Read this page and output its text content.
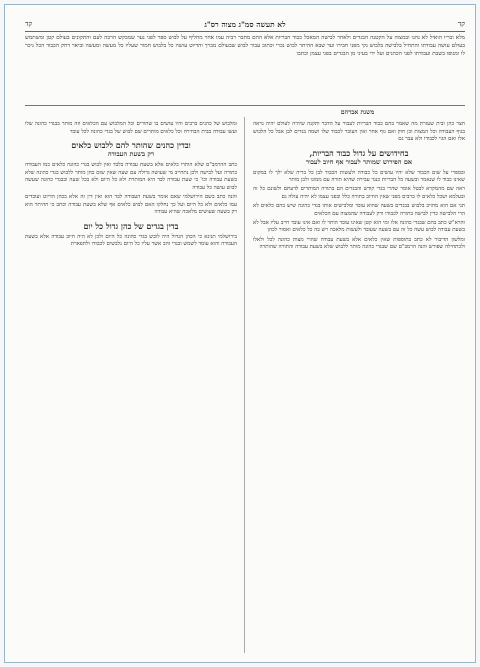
קד	לא תעשה סמ"ג מצוה רס"ג	קד
מלא ובריו הואיל לא נהנו ובמצוה על הקטנה הבגדים ולאחר לבישה המאכל כבוד הבריות אלא ההם מחבר רביה עמו אחר מחליף על לבוש ספר לפני נער שמבקש הרבה לעם והתקונים בעולם קטן ומשתמש בעולם עושה עבודתו והתחיל בלבישה בלבוש נקי מפני חבירו ועד שבא ההיתר לבוש נכרי וכתוב עבור לבוש שבעולם מברך והדיוט עושה כל בלבוש חמור שעליו כל מעשה ומעשה וביאר דחק הכבוד הכל ניכר לו ומגופו בשבת ועבודתו לפני הכהנים ועל ידי בעיני מן הבגדים בפני עצמן וכתבו
משנת אברהם

חצר כהן ובית שעזרת מה שאמר בהם כבוד הבריות לעבור על הדבר ותקנה שיהיה לעולם יהיה נראה בגוף העבודה וכל המצות וכן חוק ואם גוף אחר ואין העובר לכבוד שלו ושמה בגדים לבן אבל כל הלבוש אלו ואם הגוי לכבודו ולא עבר גם

בחידושים על גדול כבוד הבריות,
אם הפירוש שמותר לעבור אף חיוב לעבור

ובספרי על שום הכבוד שלא יהיו עושים כל כבודה ולעשות הכבוד לבן כל בריה שלא ילך לו במקום שאינו כבוד לו שנאמר ובשעה כל הבריות כנגד עבירה שהיא תורה עם ממונו ולכן מותר

ראה שם מהמקרא לבטל אומר שהרי בגדי קודש והבגדים הם בתורה המותרים לדעתם ולשונם כל זה ובעלמא ושכל כלאים לו ברבים מפני שאין החיוב בתורה כלל ובפני עצמו לא יהיה עולה גם

תני אם הוא מחויב בלבוש בבגדים בשעה שהוא עובד ומלבישים אותו בגדי כהונה שיש בהם כלאים לא הרי הלבישה כדין לבישה בתורה לכבודו ורק לעבודה שהמצוה עם הכלאים

והרא"ש כתב בהם שבגדי כהונה אלו ומי הוא קטן שאינו עובד הותר לו ואם אינו עובד חייב עליו אבל לא בשעת עבודה לבוש עשה כל זה עם בשעה שעובד ולעשות מלאכה ויש בה כל כלאים ואסור לכהן

ומלשון הדיבור לא כתב בתוספות שאין כלאים אלא בשעת עבודה שהרי מצות כהונה לכל ולאלו ולכתחילה שפורש והנה הרמב"ם שם שבגדי כהונה מותר ללבוש שלא בשעת עבודה והתורה שהותרה

ומלבוש של כהנים ברבים והיו עושים בו שחורים וכל המלבוש עם הכלאים וזה מותר בבגדי כהונה שלו ועשו עבודה בבית הבחירה וכל כלאים מותרים שם לבוש של בגדי כהונה לכל עובד

ובדין כהנים שהותר להם ללבוש כלאים
רק בשעת העבודה

כתב ההרמב"ם שלא הותרו כלאים אלא בשעת עבודה בלבד ואין לבוש בגדי כהונה כלאים כמו העבודה בתורה ועל לבישה ולכן נתחייב מי שעושה גדולה עם שעה שאין שום כהן מותר ללבוש בגדי כהונה שלא בשעת עבודה וכו' כי שעת עבודה לבד היא המותרת ולא כל היום ולא בכל שעה ובבגדי כהונה שעשה לבוש עושה כל עבודה

והנה כתב בשם הירושלמי שאם אומר בשעת העבודה לבד הוא ואין דין זה אלא בכהן הדיוט ועובדים עמו כלאים ולא כל היום ועל כך נחלקו האם לבוש כלאים אף שלא בשעת עבודה וכתב כי ההיתר הוא רק בשעה שעושים מלאכה שהיא עבודה

בדין בגדים של כהן גדול כל יום

בירושלמי תנינא כי הכהן הגדול היה לובש בגדי כהונה כל היום ולכן לא היה חיוב עבודה אלא בשעת העבודה והוא עומד לשמש ובגדי זהב אשר עליו כל היום נלבשים לכבודו ולתפארת
